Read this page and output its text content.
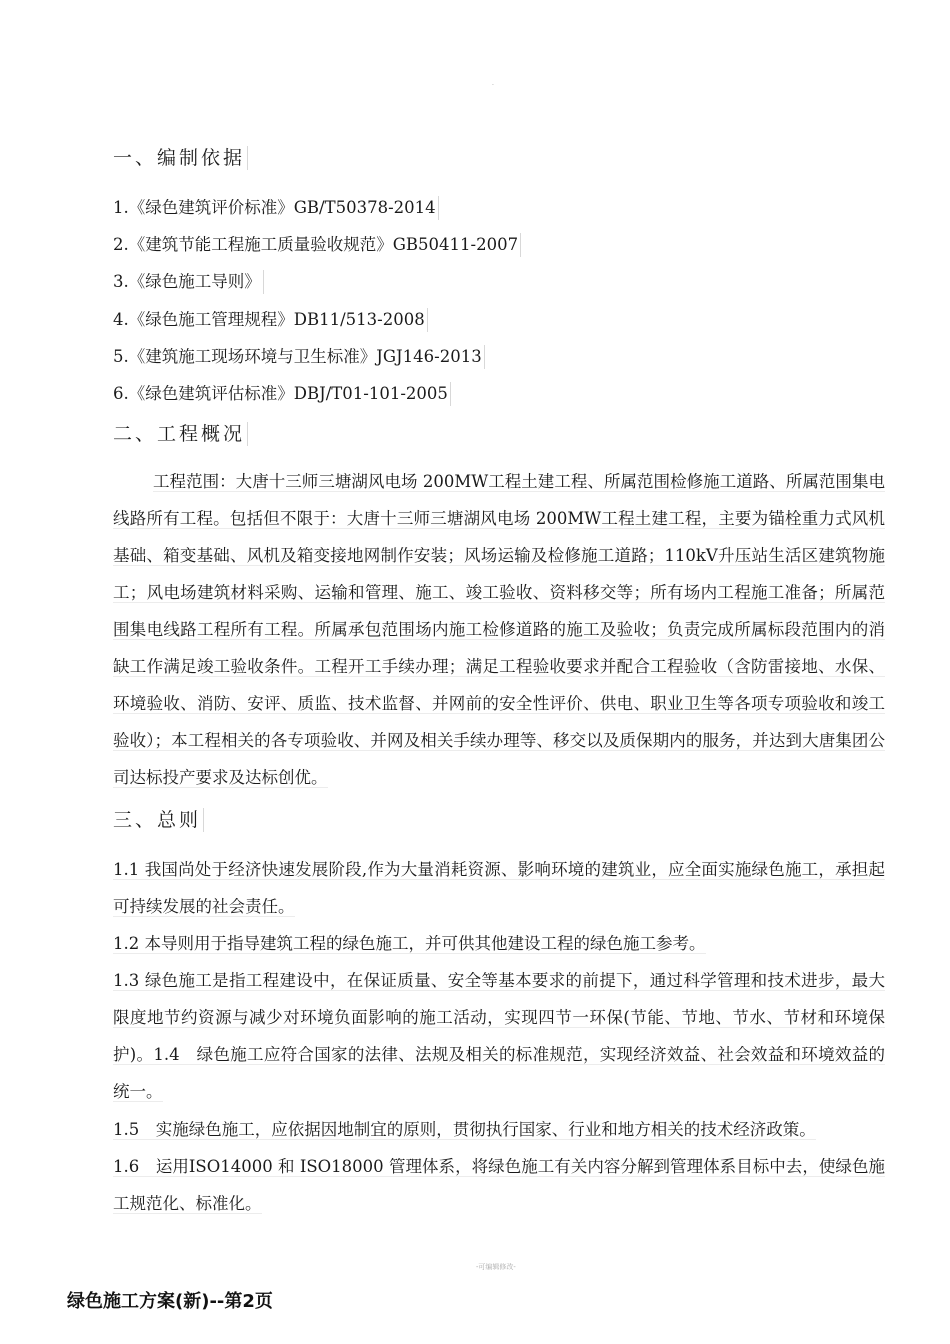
.
一、编制依据
1.《绿色建筑评价标准》GB/T50378-2014
2.《建筑节能工程施工质量验收规范》GB50411-2007
3.《绿色施工导则》
4.《绿色施工管理规程》DB11/513-2008
5.《建筑施工现场环境与卫生标准》JGJ146-2013
6.《绿色建筑评估标准》DBJ/T01-101-2005
二、工程概况
工程范围：大唐十三师三塘湖风电场 200MW工程土建工程、所属范围检修施工道路、所属范围集电线路所有工程。包括但不限于：大唐十三师三塘湖风电场 200MW工程土建工程，主要为锚栓重力式风机基础、箱变基础、风机及箱变接地网制作安装；风场运输及检修施工道路；110kV升压站生活区建筑物施工；风电场建筑材料采购、运输和管理、施工、竣工验收、资料移交等；所有场内工程施工准备；所属范围集电线路工程所有工程。所属承包范围场内施工检修道路的施工及验收；负责完成所属标段范围内的消缺工作满足竣工验收条件。工程开工手续办理；满足工程验收要求并配合工程验收（含防雷接地、水保、环境验收、消防、安评、质监、技术监督、并网前的安全性评价、供电、职业卫生等各项专项验收和竣工验收）；本工程相关的各专项验收、并网及相关手续办理等、移交以及质保期内的服务，并达到大唐集团公司达标投产要求及达标创优。
三、总则
1.1 我国尚处于经济快速发展阶段,作为大量消耗资源、影响环境的建筑业，应全面实施绿色施工，承担起可持续发展的社会责任。
1.2 本导则用于指导建筑工程的绿色施工，并可供其他建设工程的绿色施工参考。
1.3 绿色施工是指工程建设中，在保证质量、安全等基本要求的前提下，通过科学管理和技术进步，最大限度地节约资源与减少对环境负面影响的施工活动，实现四节一环保(节能、节地、节水、节材和环境保护)。1.4　绿色施工应符合国家的法律、法规及相关的标准规范，实现经济效益、社会效益和环境效益的统一。
1.5　实施绿色施工，应依据因地制宜的原则，贯彻执行国家、行业和地方相关的技术经济政策。
1.6　运用ISO14000 和 ISO18000 管理体系，将绿色施工有关内容分解到管理体系目标中去，使绿色施工规范化、标准化。
-可编辑修改-
绿色施工方案(新)--第2页
